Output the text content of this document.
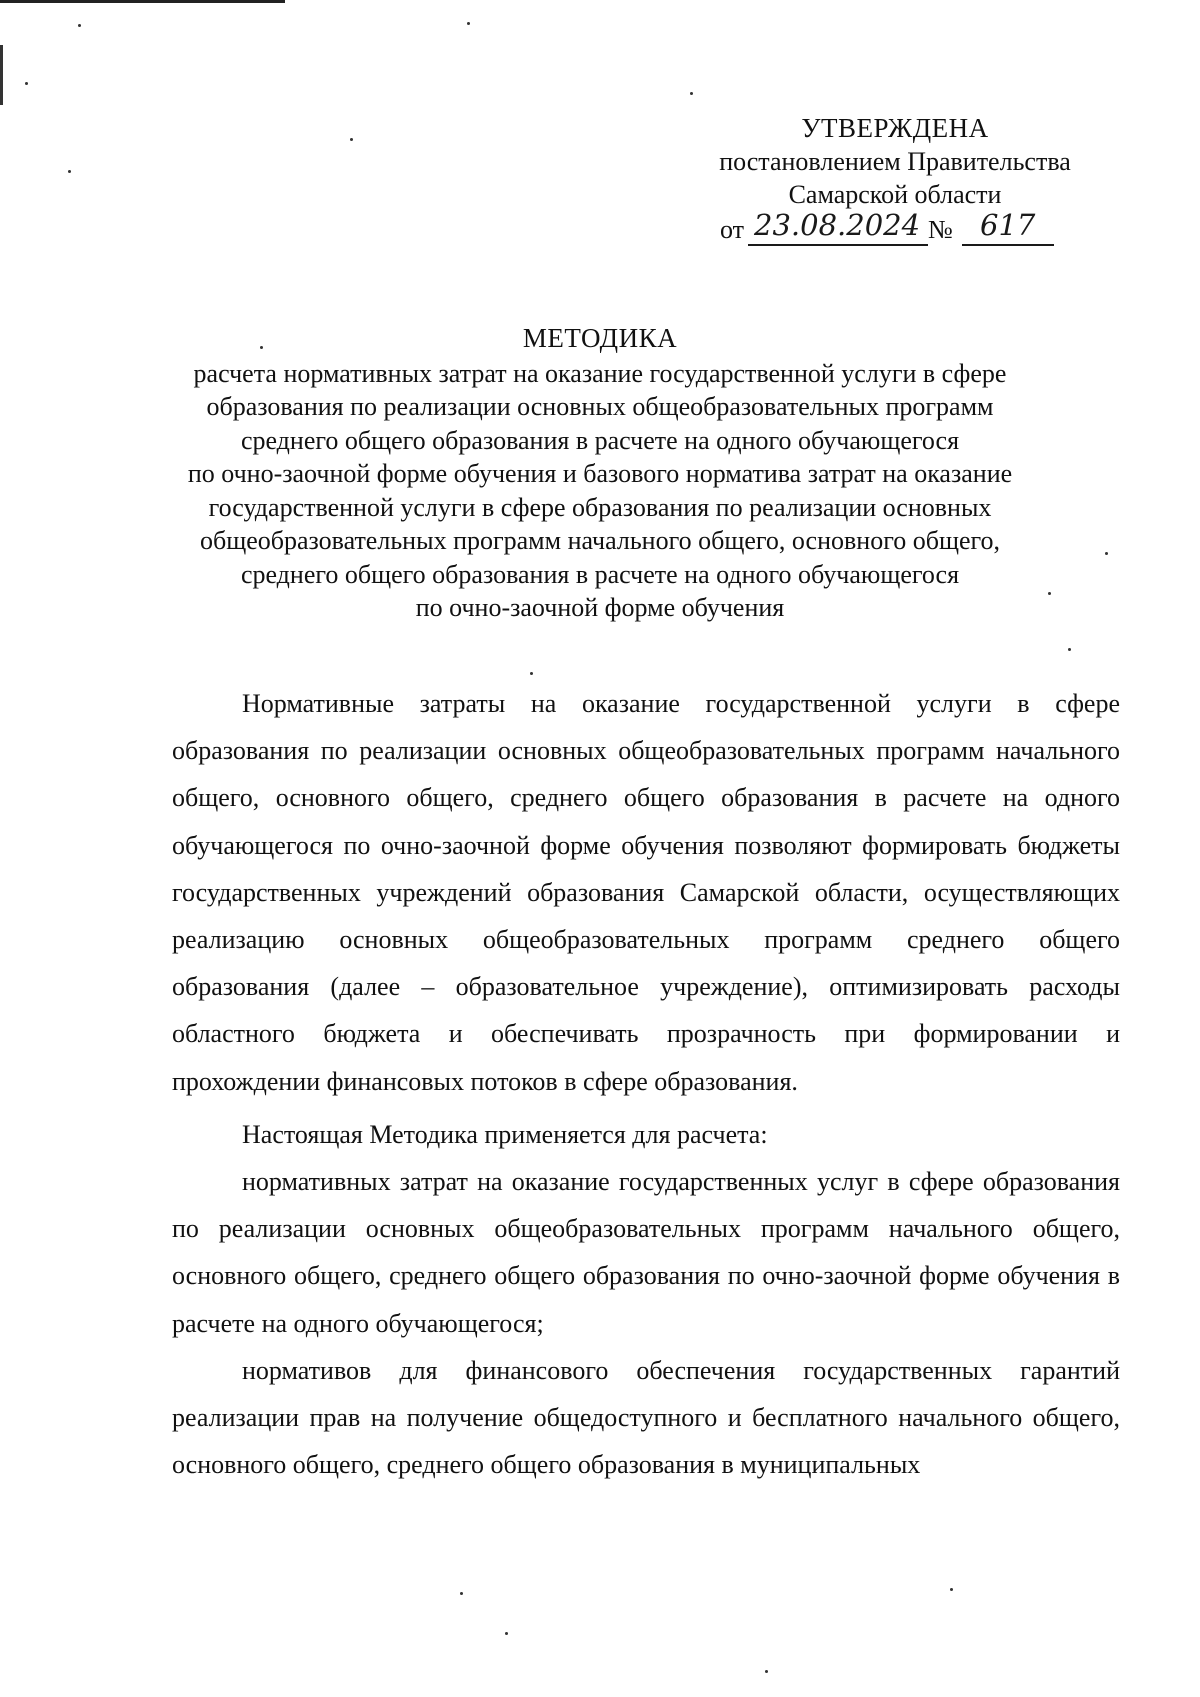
УТВЕРЖДЕНА
постановлением Правительства
Самарской области
от 23.08.2024 № 617
МЕТОДИКА
расчета нормативных затрат на оказание государственной услуги в сфере
образования по реализации основных общеобразовательных программ
среднего общего образования в расчете на одного обучающегося
по очно-заочной форме обучения и базового норматива затрат на оказание
государственной услуги в сфере образования по реализации основных
общеобразовательных программ начального общего, основного общего,
среднего общего образования в расчете на одного обучающегося
по очно-заочной форме обучения

Нормативные затраты на оказание государственной услуги в сфере образования по реализации основных общеобразовательных программ начального общего, основного общего, среднего общего образования в расчете на одного обучающегося по очно-заочной форме обучения позволяют формировать бюджеты государственных учреждений образования Самарской области, осуществляющих реализацию основных общеобразовательных программ среднего общего образования (далее – образовательное учреждение), оптимизировать расходы областного бюджета и обеспечивать прозрачность при формировании и прохождении финансовых потоков в сфере образования.

Настоящая Методика применяется для расчета:

нормативных затрат на оказание государственных услуг в сфере образования по реализации основных общеобразовательных программ начального общего, основного общего, среднего общего образования по очно-заочной форме обучения в расчете на одного обучающегося;

нормативов для финансового обеспечения государственных гарантий реализации прав на получение общедоступного и бесплатного начального общего, основного общего, среднего общего образования в муниципальных
